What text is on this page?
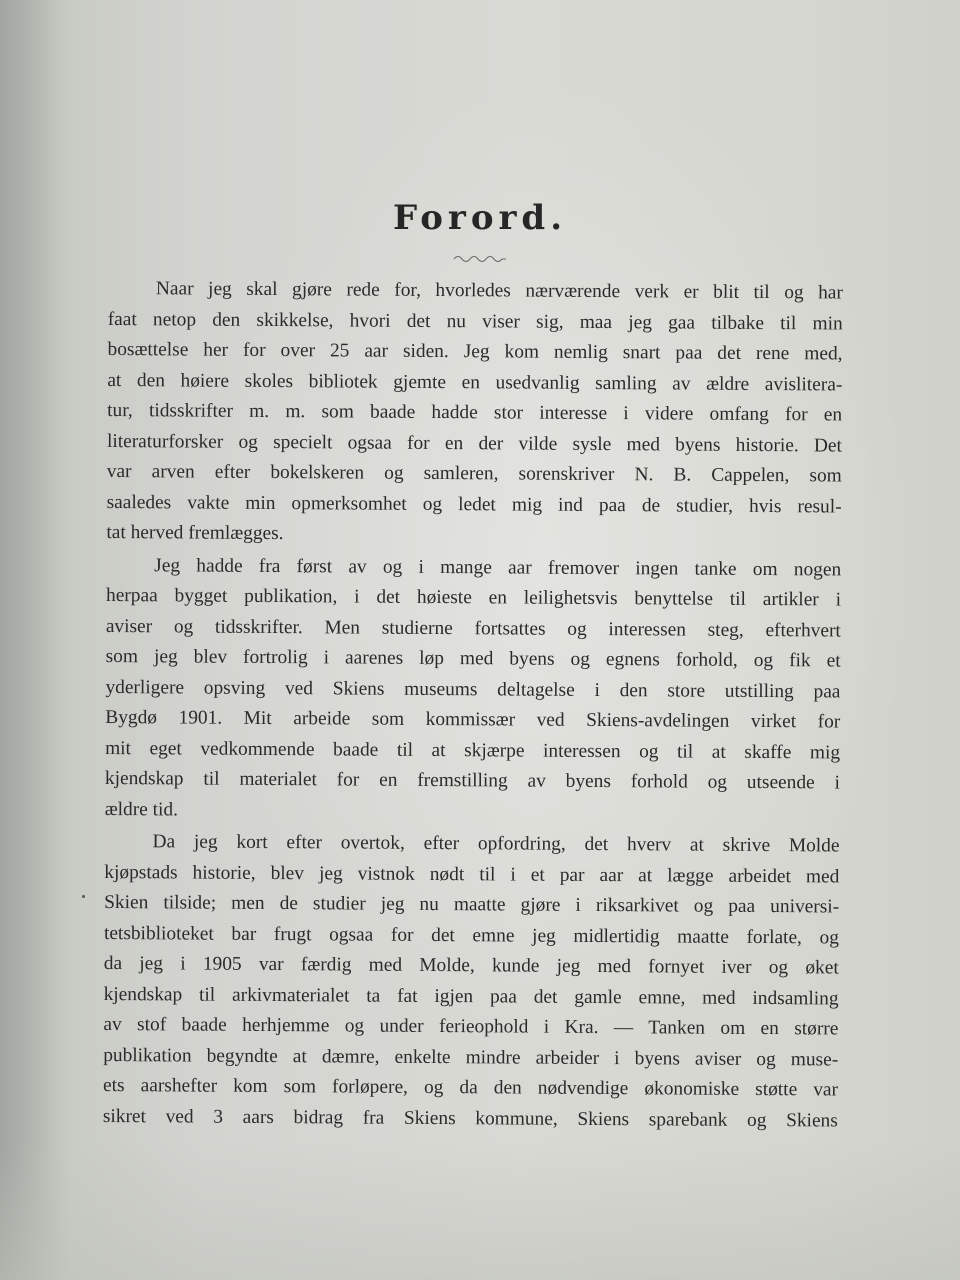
Forord.
Naar jeg skal gjøre rede for, hvorledes nærværende verk er blit til og har
faat netop den skikkelse, hvori det nu viser sig, maa jeg gaa tilbake til min
bosættelse her for over 25 aar siden. Jeg kom nemlig snart paa det rene med,
at den høiere skoles bibliotek gjemte en usedvanlig samling av ældre avislitera-
tur, tidsskrifter m. m. som baade hadde stor interesse i videre omfang for en
literaturforsker og specielt ogsaa for en der vilde sysle med byens historie. Det
var arven efter bokelskeren og samleren, sorenskriver N. B. Cappelen, som
saaledes vakte min opmerksomhet og ledet mig ind paa de studier, hvis resul-
tat herved fremlægges.
Jeg hadde fra først av og i mange aar fremover ingen tanke om nogen
herpaa bygget publikation, i det høieste en leilighetsvis benyttelse til artikler i
aviser og tidsskrifter. Men studierne fortsattes og interessen steg, efterhvert
som jeg blev fortrolig i aarenes løp med byens og egnens forhold, og fik et
yderligere opsving ved Skiens museums deltagelse i den store utstilling paa
Bygdø 1901. Mit arbeide som kommissær ved Skiens-avdelingen virket for
mit eget vedkommende baade til at skjærpe interessen og til at skaffe mig
kjendskap til materialet for en fremstilling av byens forhold og utseende i
ældre tid.
Da jeg kort efter overtok, efter opfordring, det hverv at skrive Molde
kjøpstads historie, blev jeg vistnok nødt til i et par aar at lægge arbeidet med
Skien tilside; men de studier jeg nu maatte gjøre i riksarkivet og paa universi-
tetsbiblioteket bar frugt ogsaa for det emne jeg midlertidig maatte forlate, og
da jeg i 1905 var færdig med Molde, kunde jeg med fornyet iver og øket
kjendskap til arkivmaterialet ta fat igjen paa det gamle emne, med indsamling
av stof baade herhjemme og under ferieophold i Kra. — Tanken om en større
publikation begyndte at dæmre, enkelte mindre arbeider i byens aviser og muse-
ets aarshefter kom som forløpere, og da den nødvendige økonomiske støtte var
sikret ved 3 aars bidrag fra Skiens kommune, Skiens sparebank og Skiens
